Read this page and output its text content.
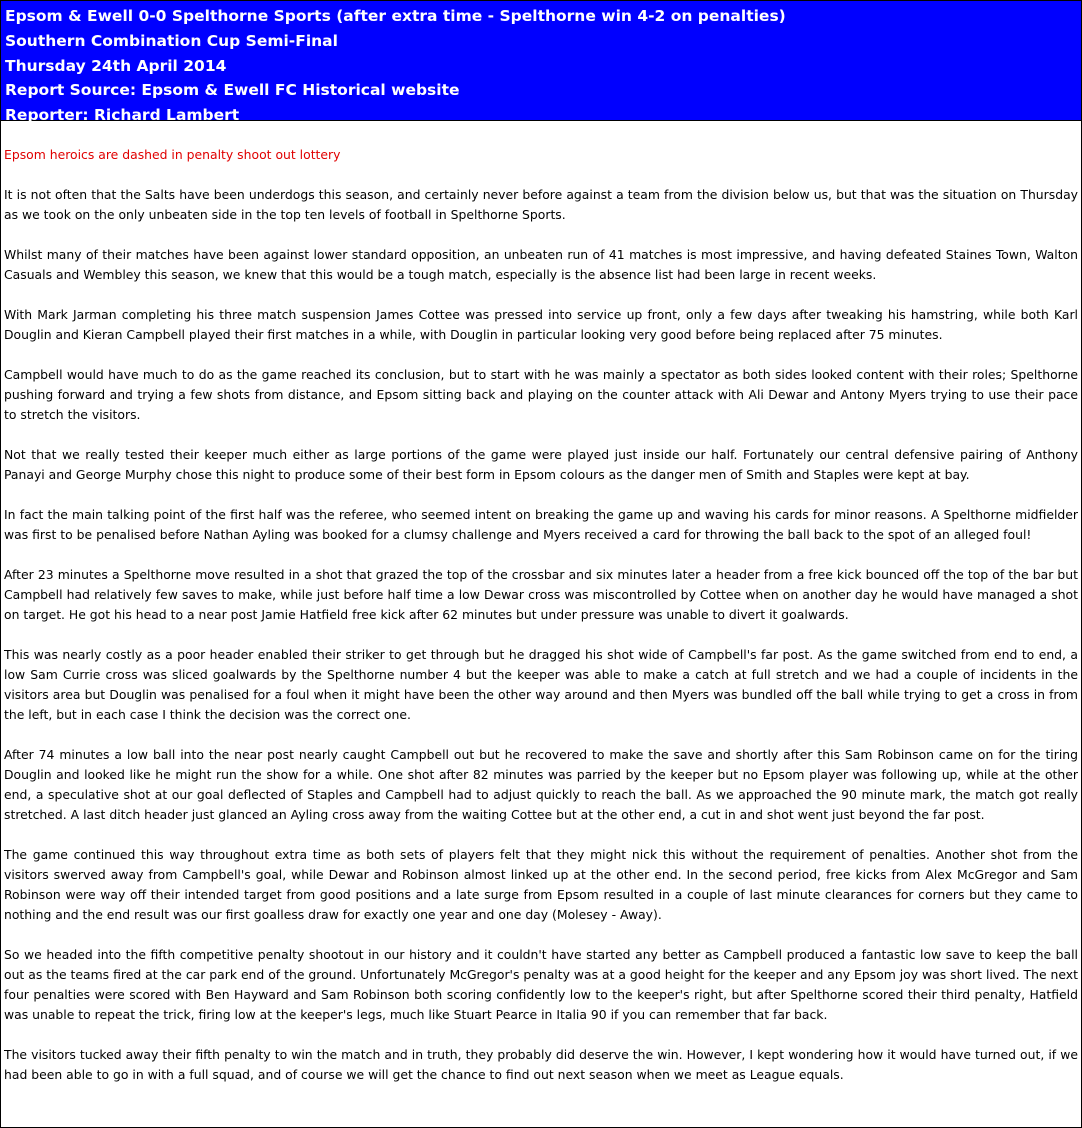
Epsom & Ewell 0-0 Spelthorne Sports (after extra time - Spelthorne win 4-2 on penalties)
Southern Combination Cup Semi-Final
Thursday 24th April 2014
Report Source: Epsom & Ewell FC Historical website
Reporter: Richard Lambert
Epsom heroics are dashed in penalty shoot out lottery

It is not often that the Salts have been underdogs this season, and certainly never before against a team from the division below us, but that was the situation on Thursday as we took on the only unbeaten side in the top ten levels of football in Spelthorne Sports.

Whilst many of their matches have been against lower standard opposition, an unbeaten run of 41 matches is most impressive, and having defeated Staines Town, Walton Casuals and Wembley this season, we knew that this would be a tough match, especially is the absence list had been large in recent weeks.

With Mark Jarman completing his three match suspension James Cottee was pressed into service up front, only a few days after tweaking his hamstring, while both Karl Douglin and Kieran Campbell played their first matches in a while, with Douglin in particular looking very good before being replaced after 75 minutes.

Campbell would have much to do as the game reached its conclusion, but to start with he was mainly a spectator as both sides looked content with their roles; Spelthorne pushing forward and trying a few shots from distance, and Epsom sitting back and playing on the counter attack with Ali Dewar and Antony Myers trying to use their pace to stretch the visitors.

Not that we really tested their keeper much either as large portions of the game were played just inside our half. Fortunately our central defensive pairing of Anthony Panayi and George Murphy chose this night to produce some of their best form in Epsom colours as the danger men of Smith and Staples were kept at bay.

In fact the main talking point of the first half was the referee, who seemed intent on breaking the game up and waving his cards for minor reasons. A Spelthorne midfielder was first to be penalised before Nathan Ayling was booked for a clumsy challenge and Myers received a card for throwing the ball back to the spot of an alleged foul!

After 23 minutes a Spelthorne move resulted in a shot that grazed the top of the crossbar and six minutes later a header from a free kick bounced off the top of the bar but Campbell had relatively few saves to make, while just before half time a low Dewar cross was miscontrolled by Cottee when on another day he would have managed a shot on target. He got his head to a near post Jamie Hatfield free kick after 62 minutes but under pressure was unable to divert it goalwards.

This was nearly costly as a poor header enabled their striker to get through but he dragged his shot wide of Campbell's far post. As the game switched from end to end, a low Sam Currie cross was sliced goalwards by the Spelthorne number 4 but the keeper was able to make a catch at full stretch and we had a couple of incidents in the visitors area but Douglin was penalised for a foul when it might have been the other way around and then Myers was bundled off the ball while trying to get a cross in from the left, but in each case I think the decision was the correct one.

After 74 minutes a low ball into the near post nearly caught Campbell out but he recovered to make the save and shortly after this Sam Robinson came on for the tiring Douglin and looked like he might run the show for a while. One shot after 82 minutes was parried by the keeper but no Epsom player was following up, while at the other end, a speculative shot at our goal deflected of Staples and Campbell had to adjust quickly to reach the ball. As we approached the 90 minute mark, the match got really stretched. A last ditch header just glanced an Ayling cross away from the waiting Cottee but at the other end, a cut in and shot went just beyond the far post.

The game continued this way throughout extra time as both sets of players felt that they might nick this without the requirement of penalties. Another shot from the visitors swerved away from Campbell's goal, while Dewar and Robinson almost linked up at the other end. In the second period, free kicks from Alex McGregor and Sam Robinson were way off their intended target from good positions and a late surge from Epsom resulted in a couple of last minute clearances for corners but they came to nothing and the end result was our first goalless draw for exactly one year and one day (Molesey - Away).

So we headed into the fifth competitive penalty shootout in our history and it couldn't have started any better as Campbell produced a fantastic low save to keep the ball out as the teams fired at the car park end of the ground. Unfortunately McGregor's penalty was at a good height for the keeper and any Epsom joy was short lived. The next four penalties were scored with Ben Hayward and Sam Robinson both scoring confidently low to the keeper's right, but after Spelthorne scored their third penalty, Hatfield was unable to repeat the trick, firing low at the keeper's legs, much like Stuart Pearce in Italia 90 if you can remember that far back.

The visitors tucked away their fifth penalty to win the match and in truth, they probably did deserve the win. However, I kept wondering how it would have turned out, if we had been able to go in with a full squad, and of course we will get the chance to find out next season when we meet as League equals.
